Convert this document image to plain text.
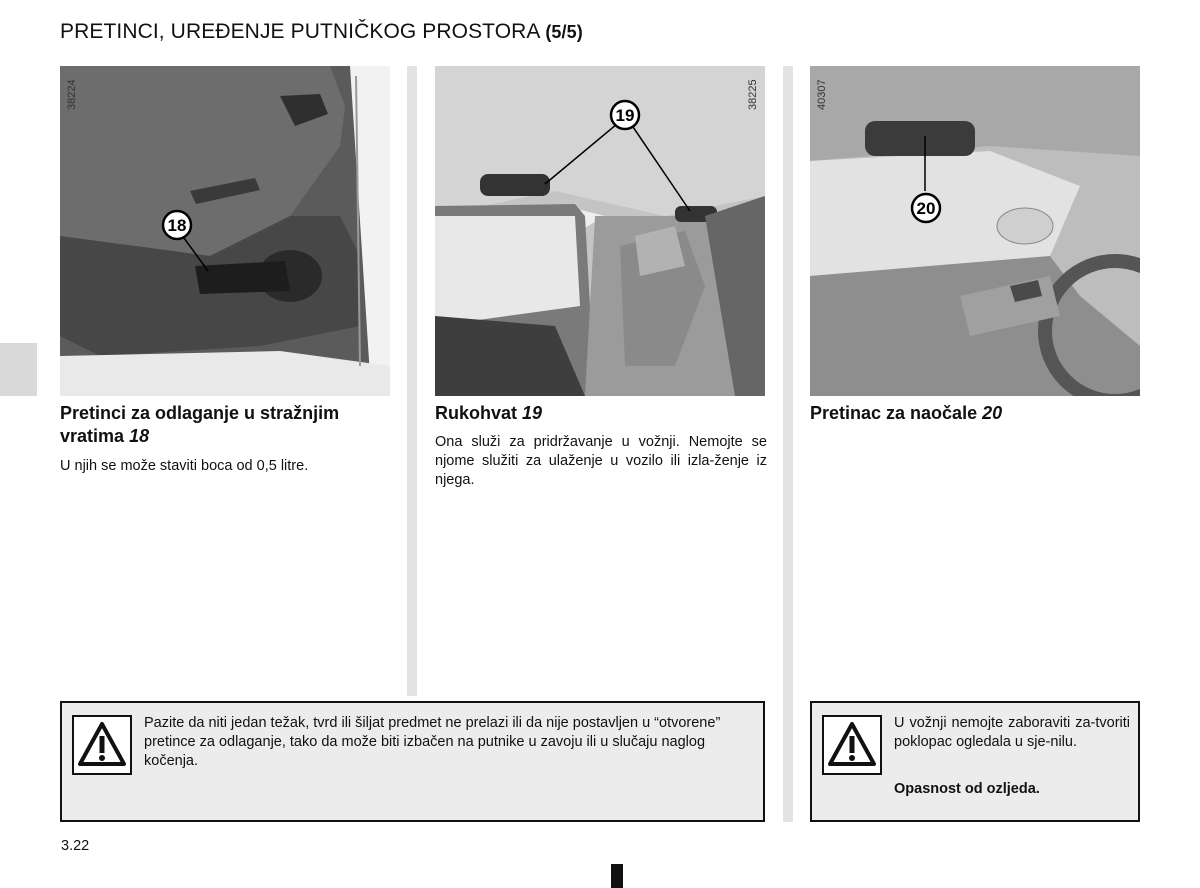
PRETINCI, UREĐENJE PUTNIČKOG PROSTORA (5/5)
38224
18
38225
19
40307
20
Pretinci za odlaganje u stražnjim vratima 18
U njih se može staviti boca od 0,5 litre.
Rukohvat 19
Ona služi za pridržavanje u vožnji. Nemojte se njome služiti za ulaženje u vozilo ili izla-ženje iz njega.
Pretinac za naočale 20
Pazite da niti jedan težak, tvrd ili šiljat predmet ne prelazi ili da nije postavljen u “otvorene” pretince za odlaganje, tako da može biti izbačen na putnike u zavoju ili u slučaju naglog kočenja.
U vožnji nemojte zaboraviti za-tvoriti poklopac ogledala u sje-nilu.
Opasnost od ozljeda.
3.22
